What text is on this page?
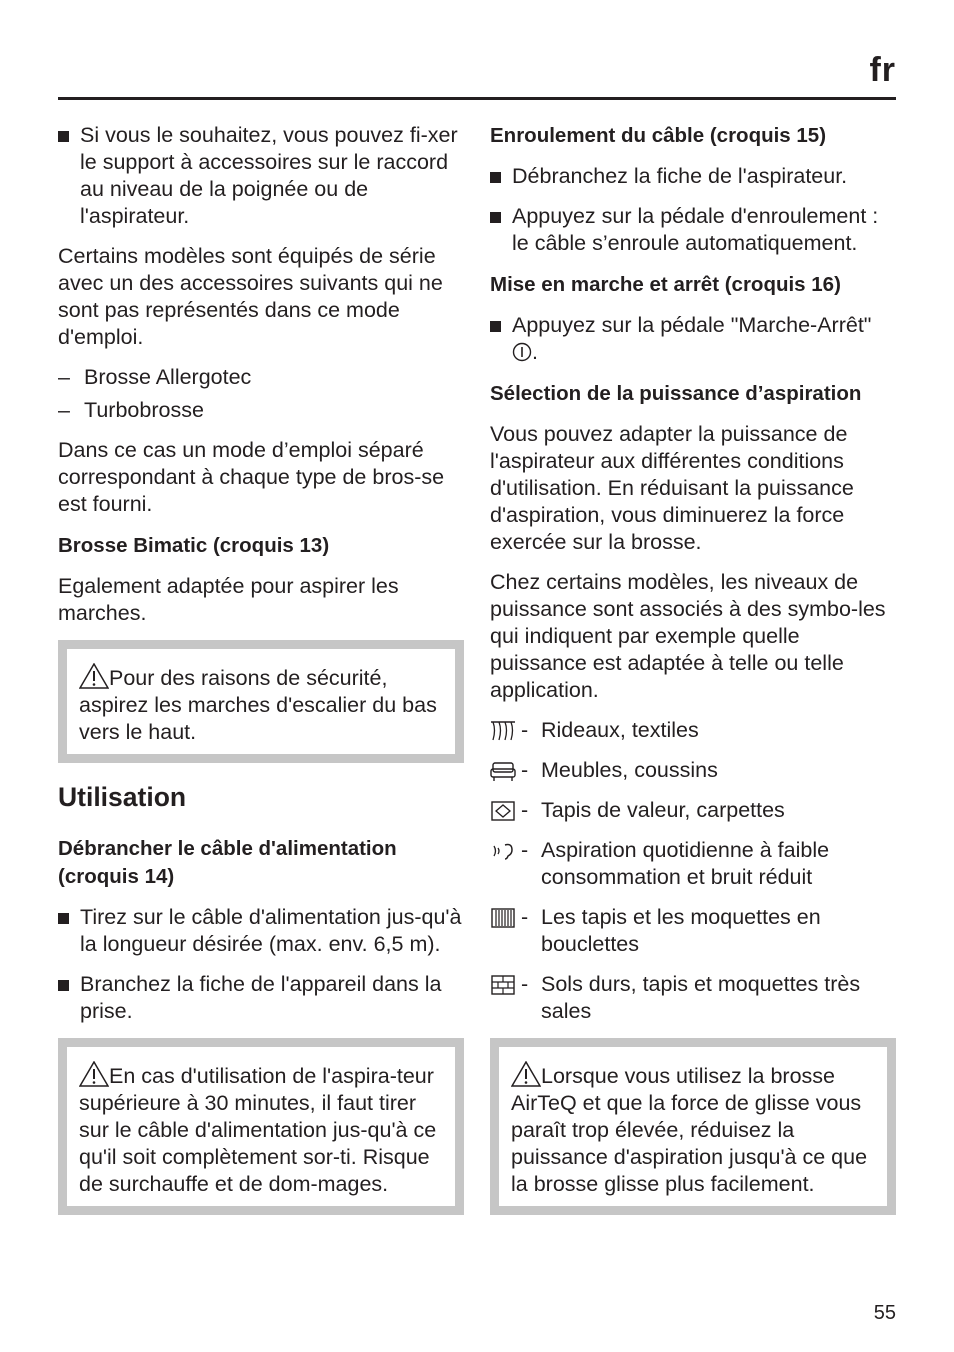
fr
Si vous le souhaitez, vous pouvez fi-xer le support à accessoires sur le raccord au niveau de la poignée ou de l'aspirateur.

Certains modèles sont équipés de série avec un des accessoires suivants qui ne sont pas représentés dans ce mode d'emploi.

– Brosse Allergotec
– Turbobrosse

Dans ce cas un mode d’emploi séparé correspondant à chaque type de bros-se est fourni.

Brosse Bimatic (croquis 13)

Egalement adaptée pour aspirer les marches.

Pour des raisons de sécurité, aspirez les marches d'escalier du bas vers le haut.
Utilisation
Débrancher le câble d'alimentation (croquis 14)
Tirez sur le câble d'alimentation jus-qu'à la longueur désirée (max. env. 6,5 m).
Branchez la fiche de l'appareil dans la prise.
En cas d'utilisation de l'aspira-teur supérieure à 30 minutes, il faut tirer sur le câble d'alimentation jus-qu'à ce qu'il soit complètement sor-ti. Risque de surchauffe et de dom-mages.
Enroulement du câble (croquis 15)
Débranchez la fiche de l'aspirateur.
Appuyez sur la pédale d'enroulement : le câble s’enroule automatiquement.
Mise en marche et arrêt (croquis 16)
Appuyez sur la pédale "Marche-Arrêt" .
Sélection de la puissance d’aspiration

Vous pouvez adapter la puissance de l'aspirateur aux différentes conditions d'utilisation. En réduisant la puissance d'aspiration, vous diminuerez la force exercée sur la brosse.

Chez certains modèles, les niveaux de puissance sont associés à des symbo-les qui indiquent par exemple quelle puissance est adaptée à telle ou telle application.

- Rideaux, textiles
- Meubles, coussins
- Tapis de valeur, carpettes
- Aspiration quotidienne à faible consommation et bruit réduit
- Les tapis et les moquettes en bouclettes
- Sols durs, tapis et moquettes très sales
Lorsque vous utilisez la brosse AirTeQ et que la force de glisse vous paraît trop élevée, réduisez la puissance d'aspiration jusqu'à ce que la brosse glisse plus facilement.
55
